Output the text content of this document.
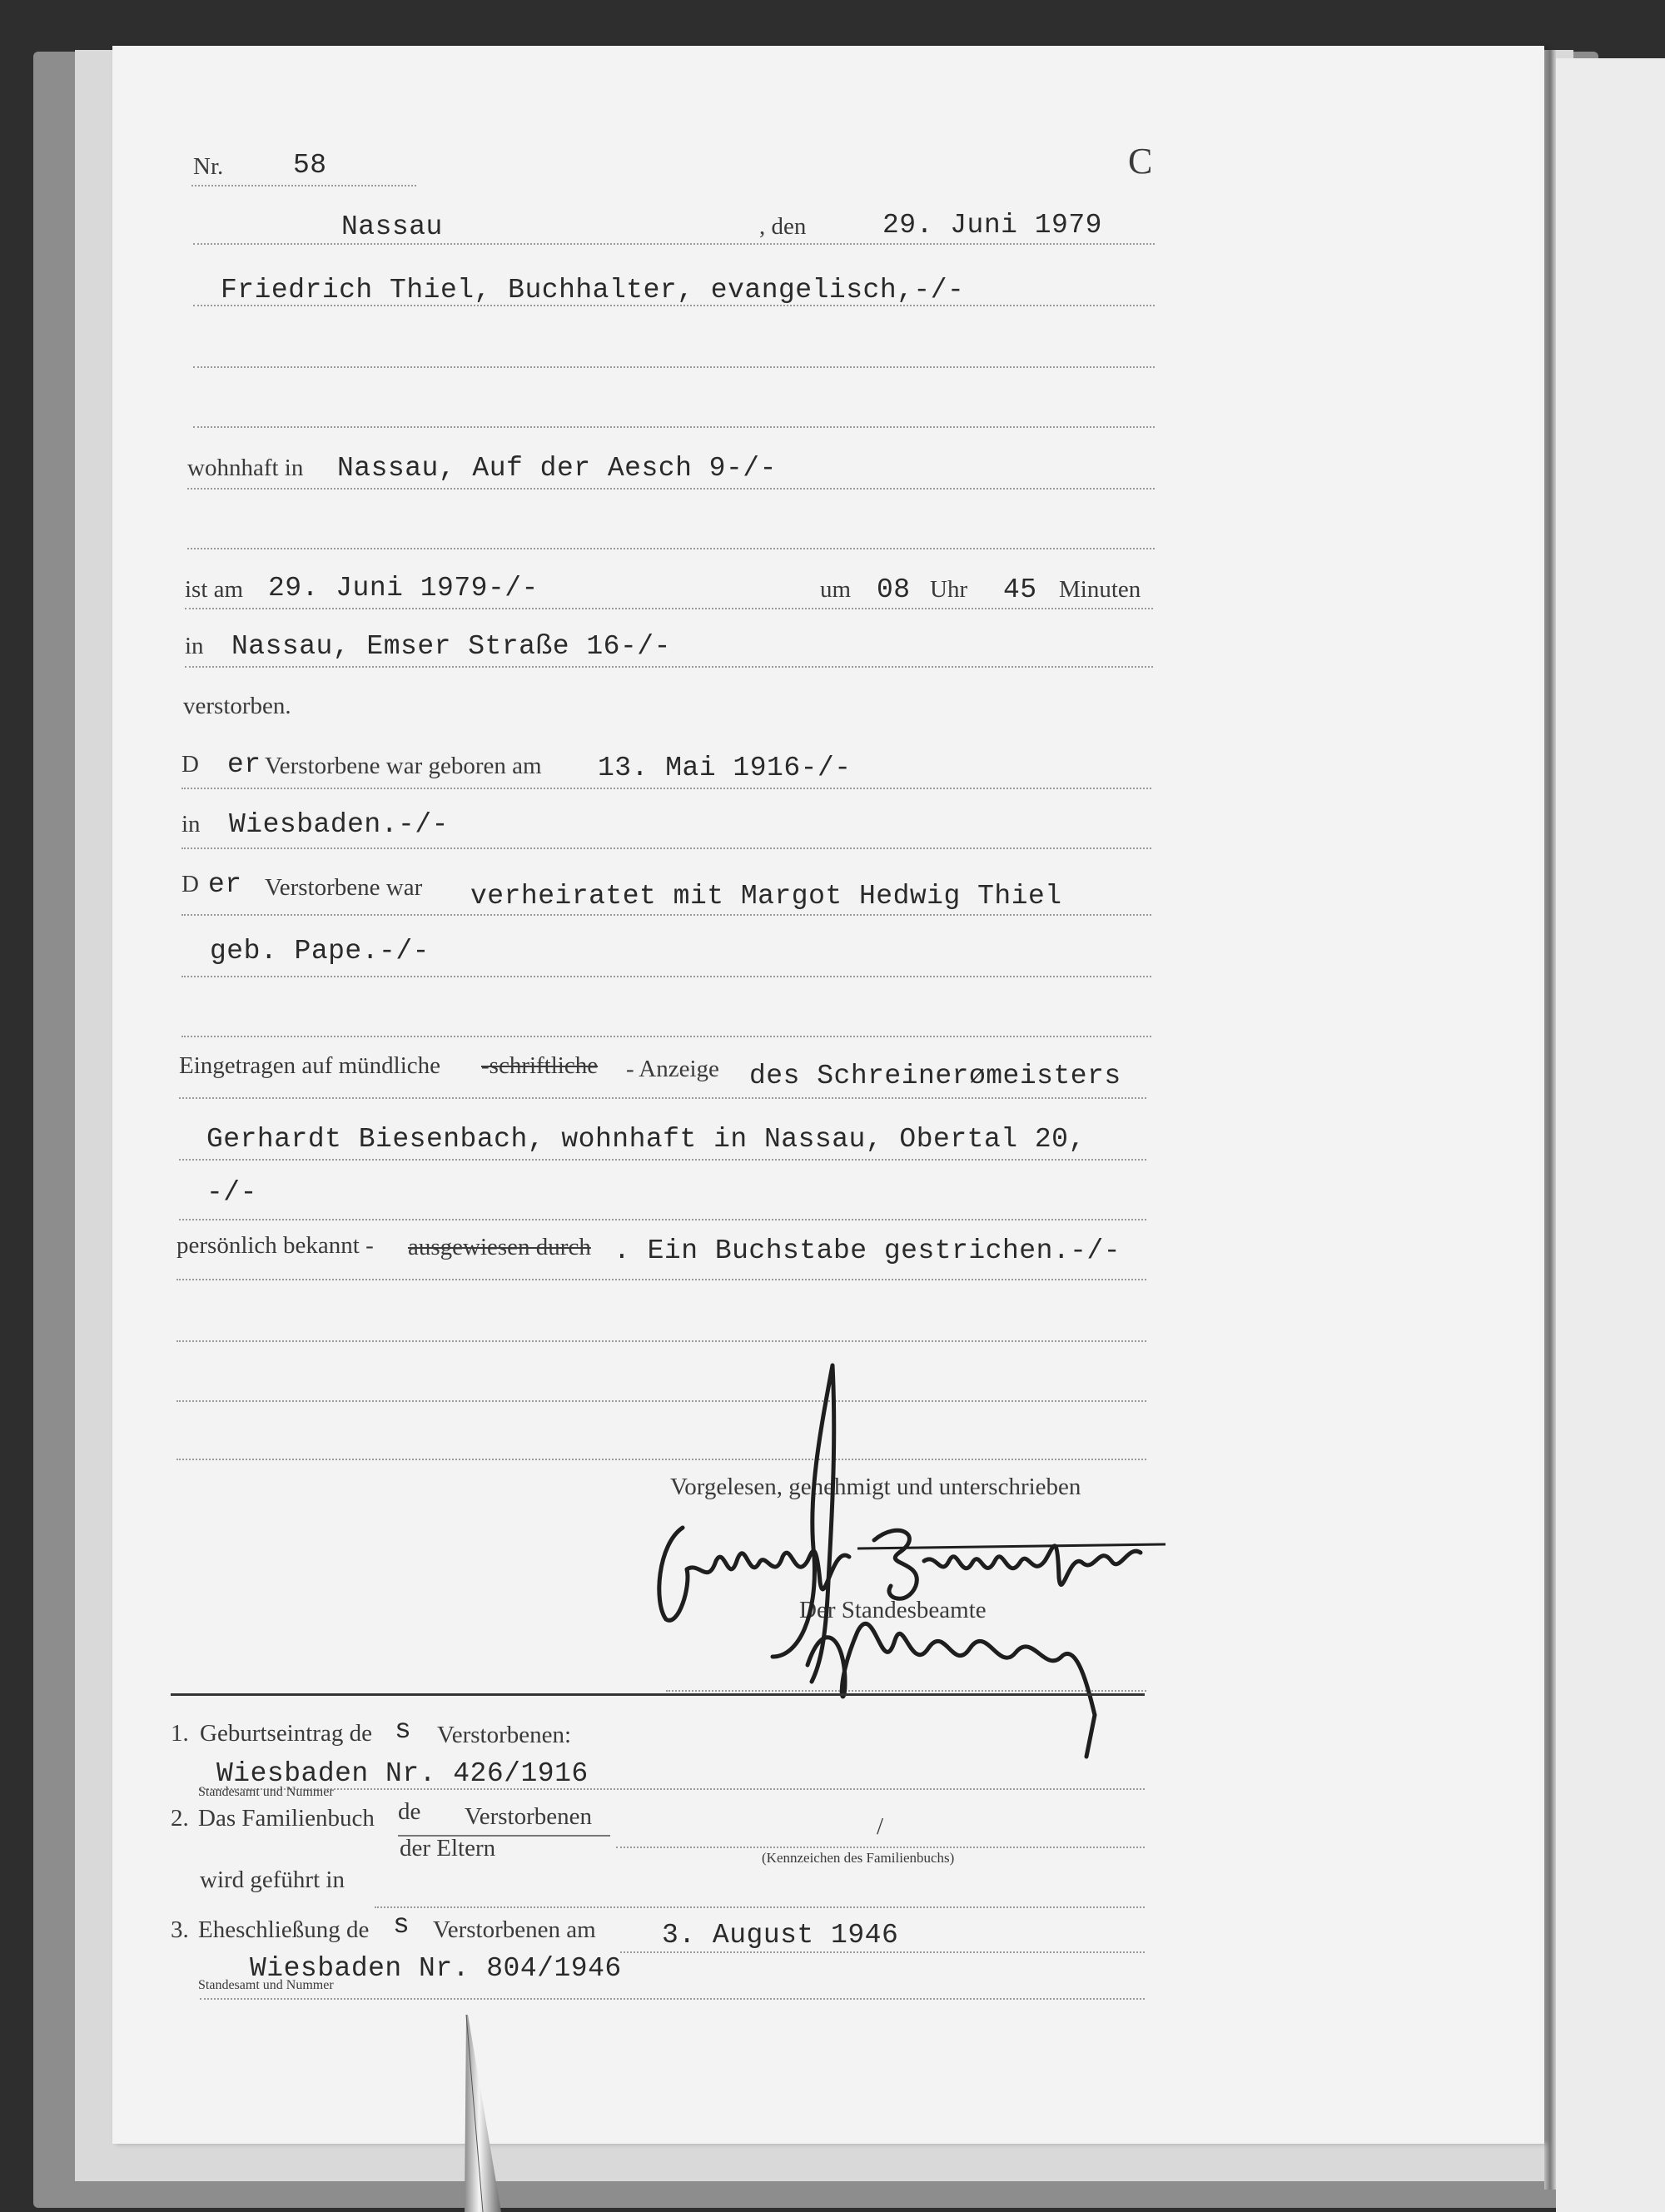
Nr.	58	C
Nassau	, den	29. Juni 1979
Friedrich Thiel, Buchhalter, evangelisch,-/-
wohnhaft in Nassau, Auf der Aesch 9-/-
ist am 29. Juni 1979-/-	um 08 Uhr 45 Minuten
in Nassau, Emser Straße 16-/-
verstorben.
D er Verstorbene war geboren am 13. Mai 1916-/-
in Wiesbaden.-/-
D er Verstorbene war verheiratet mit Margot Hedwig Thiel
geb. Pape.-/-
Eingetragen auf mündliche -schriftliche - Anzeige des Schreinerømeisters
Gerhardt Biesenbach, wohnhaft in Nassau, Obertal 20,
-/-
persönlich bekannt - ausgewiesen durch . Ein Buchstabe gestrichen.-/-
Vorgelesen, genehmigt und unterschrieben
Der Standesbeamte
1. Geburtseintrag de s Verstorbenen:
Wiesbaden Nr. 426/1916
Standesamt und Nummer
2. Das Familienbuch de Verstorbenen
der Eltern
/
(Kennzeichen des Familienbuchs)
wird geführt in
3. Eheschließung de s Verstorbenen am 3. August 1946
Wiesbaden Nr. 804/1946
Standesamt und Nummer
